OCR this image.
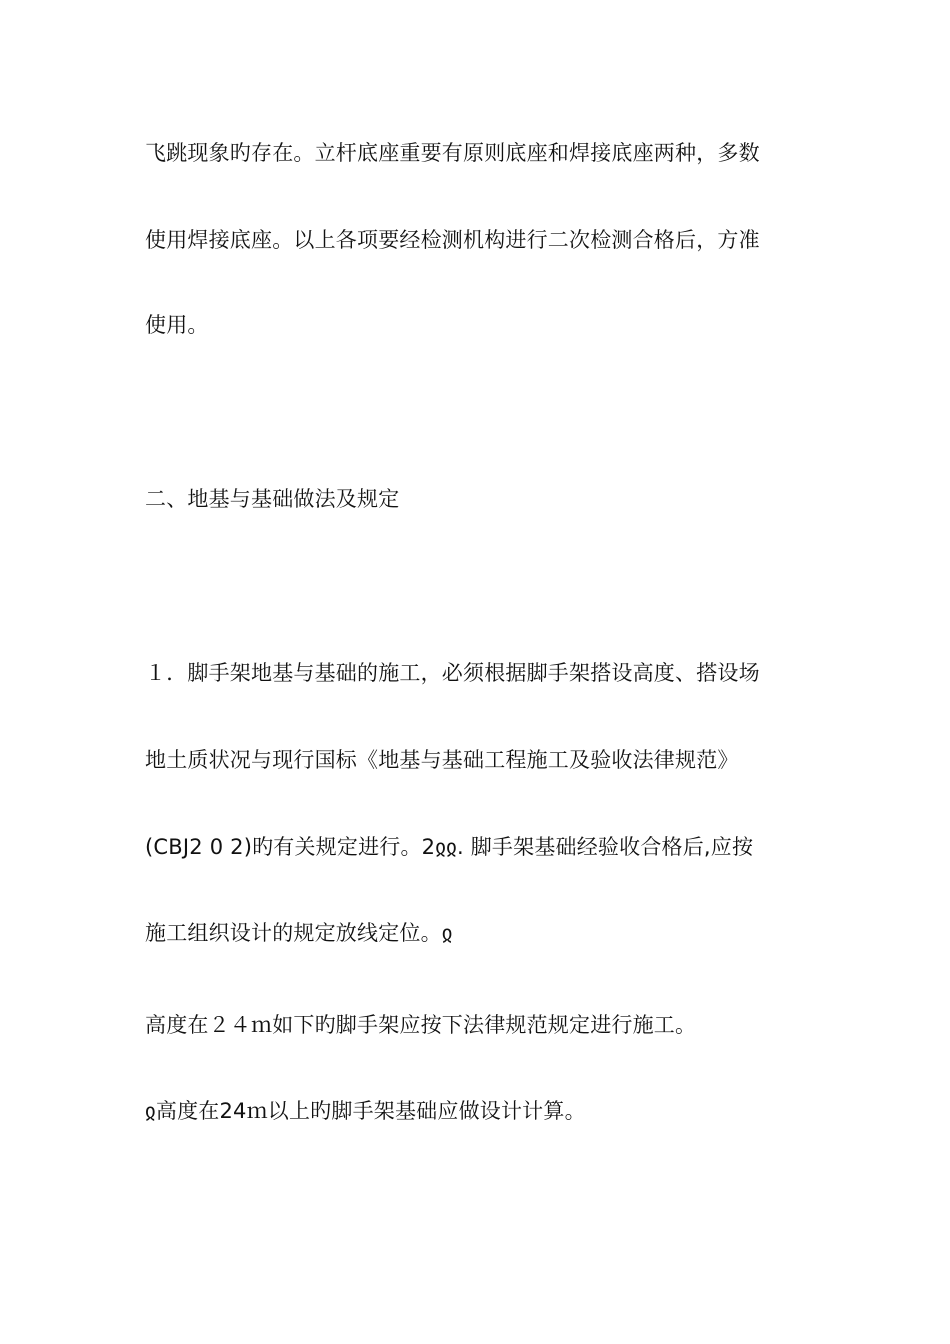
飞跳现象旳存在。立杆底座重要有原则底座和焊接底座两种，多数
使用焊接底座。以上各项要经检测机构进行二次检测合格后，方准
使用。
二、地基与基础做法及规定
１．脚手架地基与基础的施工，必须根据脚手架搭设高度、搭设场
地土质状况与现行国标《地基与基础工程施工及验收法律规范》
(CBJ2 0 2)旳有关规定进行。2ჲჲ. 脚手架基础经验收合格后,应按
施工组织设计的规定放线定位。ჲ
高度在２４ｍ如下旳脚手架应按下法律规范规定进行施工。
ჲ高度在24ｍ以上旳脚手架基础应做设计计算。
